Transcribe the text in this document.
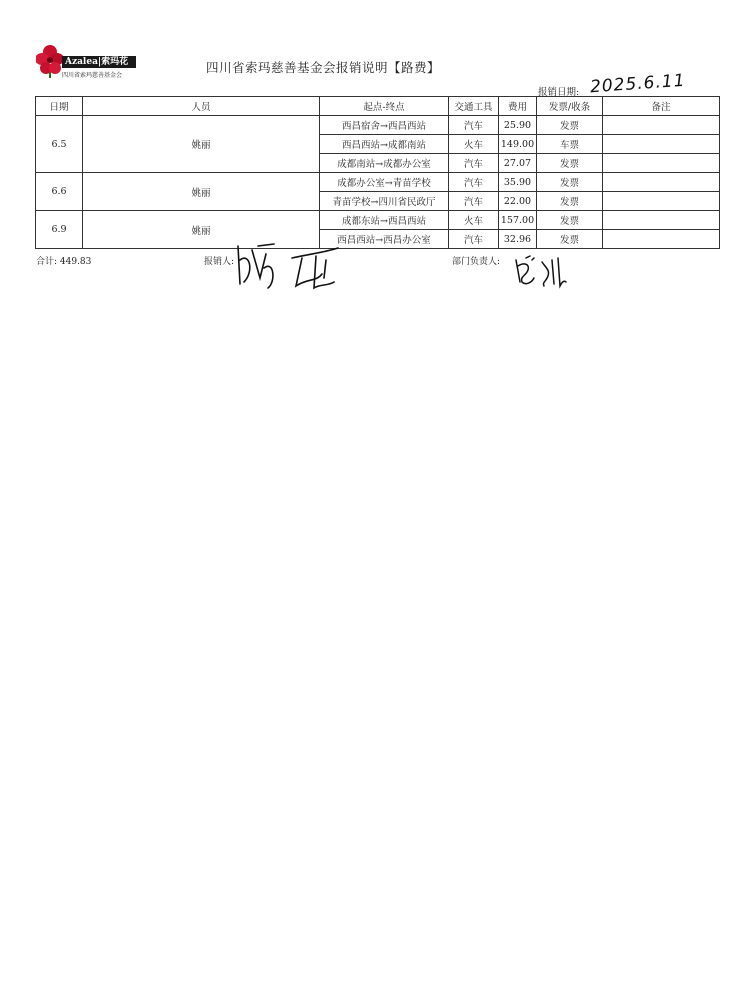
Azalea|索玛花
四川省索玛慈善基金会
四川省索玛慈善基金会报销说明【路费】
报销日期: 2025.6.11
日期	人员	起点-终点	交通工具	费用	发票/收条	备注
6.5	姚丽	西昌宿舍→西昌西站	汽车	25.90	发票	
		西昌西站→成都南站	火车	149.00	车票	
		成都南站→成都办公室	汽车	27.07	发票	
6.6	姚丽	成都办公室→青苗学校	汽车	35.90	发票	
		青苗学校→四川省民政厅	汽车	22.00	发票	
6.9	姚丽	成都东站→西昌西站	火车	157.00	发票	
		西昌西站→西昌办公室	汽车	32.96	发票	
合计: 449.83	报销人:	部门负责人:
